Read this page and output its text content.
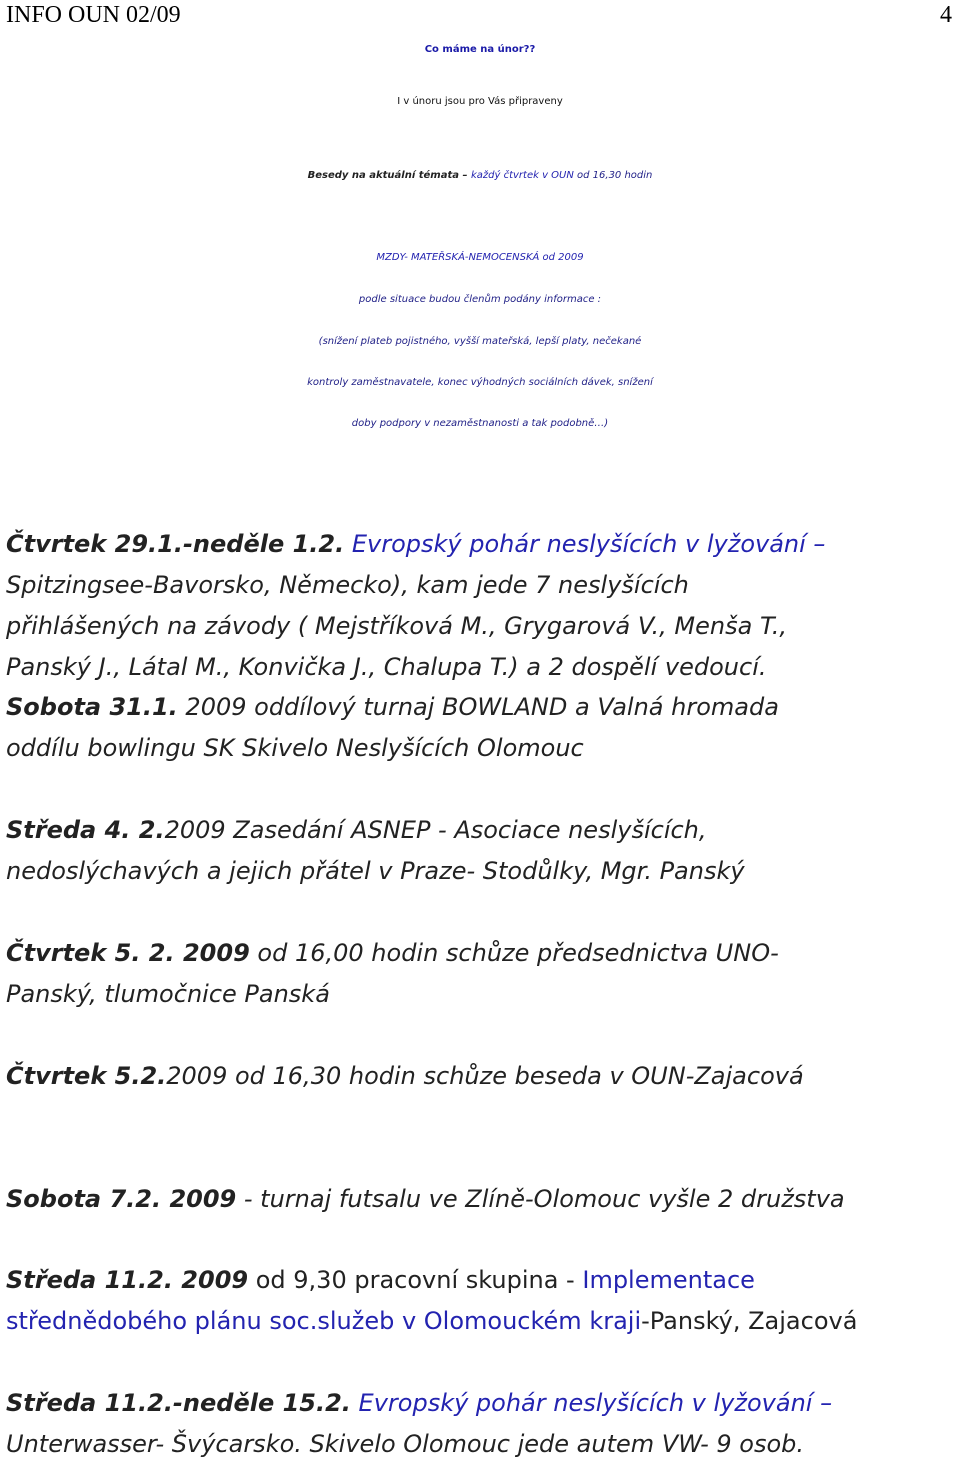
INFO OUN 02/09	4
Co máme na únor??
I v únoru jsou pro Vás připraveny
Besedy na aktuální témata – každý čtvrtek v OUN od 16,30 hodin
MZDY- MATEŘSKÁ-NEMOCENSKÁ od 2009
podle situace budou členům podány informace :
(snížení plateb pojistného, vyšší mateřská, lepší platy, nečekané
kontroly zaměstnavatele, konec výhodných sociálních dávek, snížení
doby podpory v nezaměstnanosti a tak podobně…)
Čtvrtek 29.1.-neděle 1.2. Evropský pohár neslyšících v lyžování –
Spitzingsee-Bavorsko, Německo), kam jede 7 neslyšících
přihlášených na závody ( Mejstříková M., Grygarová V., Menša T.,
Panský J., Látal M., Konvička J., Chalupa T.) a 2 dospělí vedoucí.
Sobota 31.1. 2009 oddílový turnaj BOWLAND a Valná hromada
oddílu bowlingu SK Skivelo Neslyšících Olomouc
Středa 4. 2.2009 Zasedání ASNEP - Asociace neslyšících,
nedoslýchavých a jejich přátel v Praze- Stodůlky, Mgr. Panský
Čtvrtek 5. 2. 2009 od 16,00 hodin schůze předsednictva UNO-
Panský, tlumočnice Panská
Čtvrtek 5.2.2009 od 16,30 hodin schůze beseda v OUN-Zajacová
Sobota 7.2. 2009 - turnaj futsalu ve Zlíně-Olomouc vyšle 2 družstva
Středa 11.2. 2009 od 9,30 pracovní skupina - Implementace
střednědobého plánu soc.služeb v Olomouckém kraji-Panský, Zajacová
Středa 11.2.-neděle 15.2. Evropský pohár neslyšících v lyžování –
Unterwasser- Švýcarsko. Skivelo Olomouc jede autem VW- 9 osob.
